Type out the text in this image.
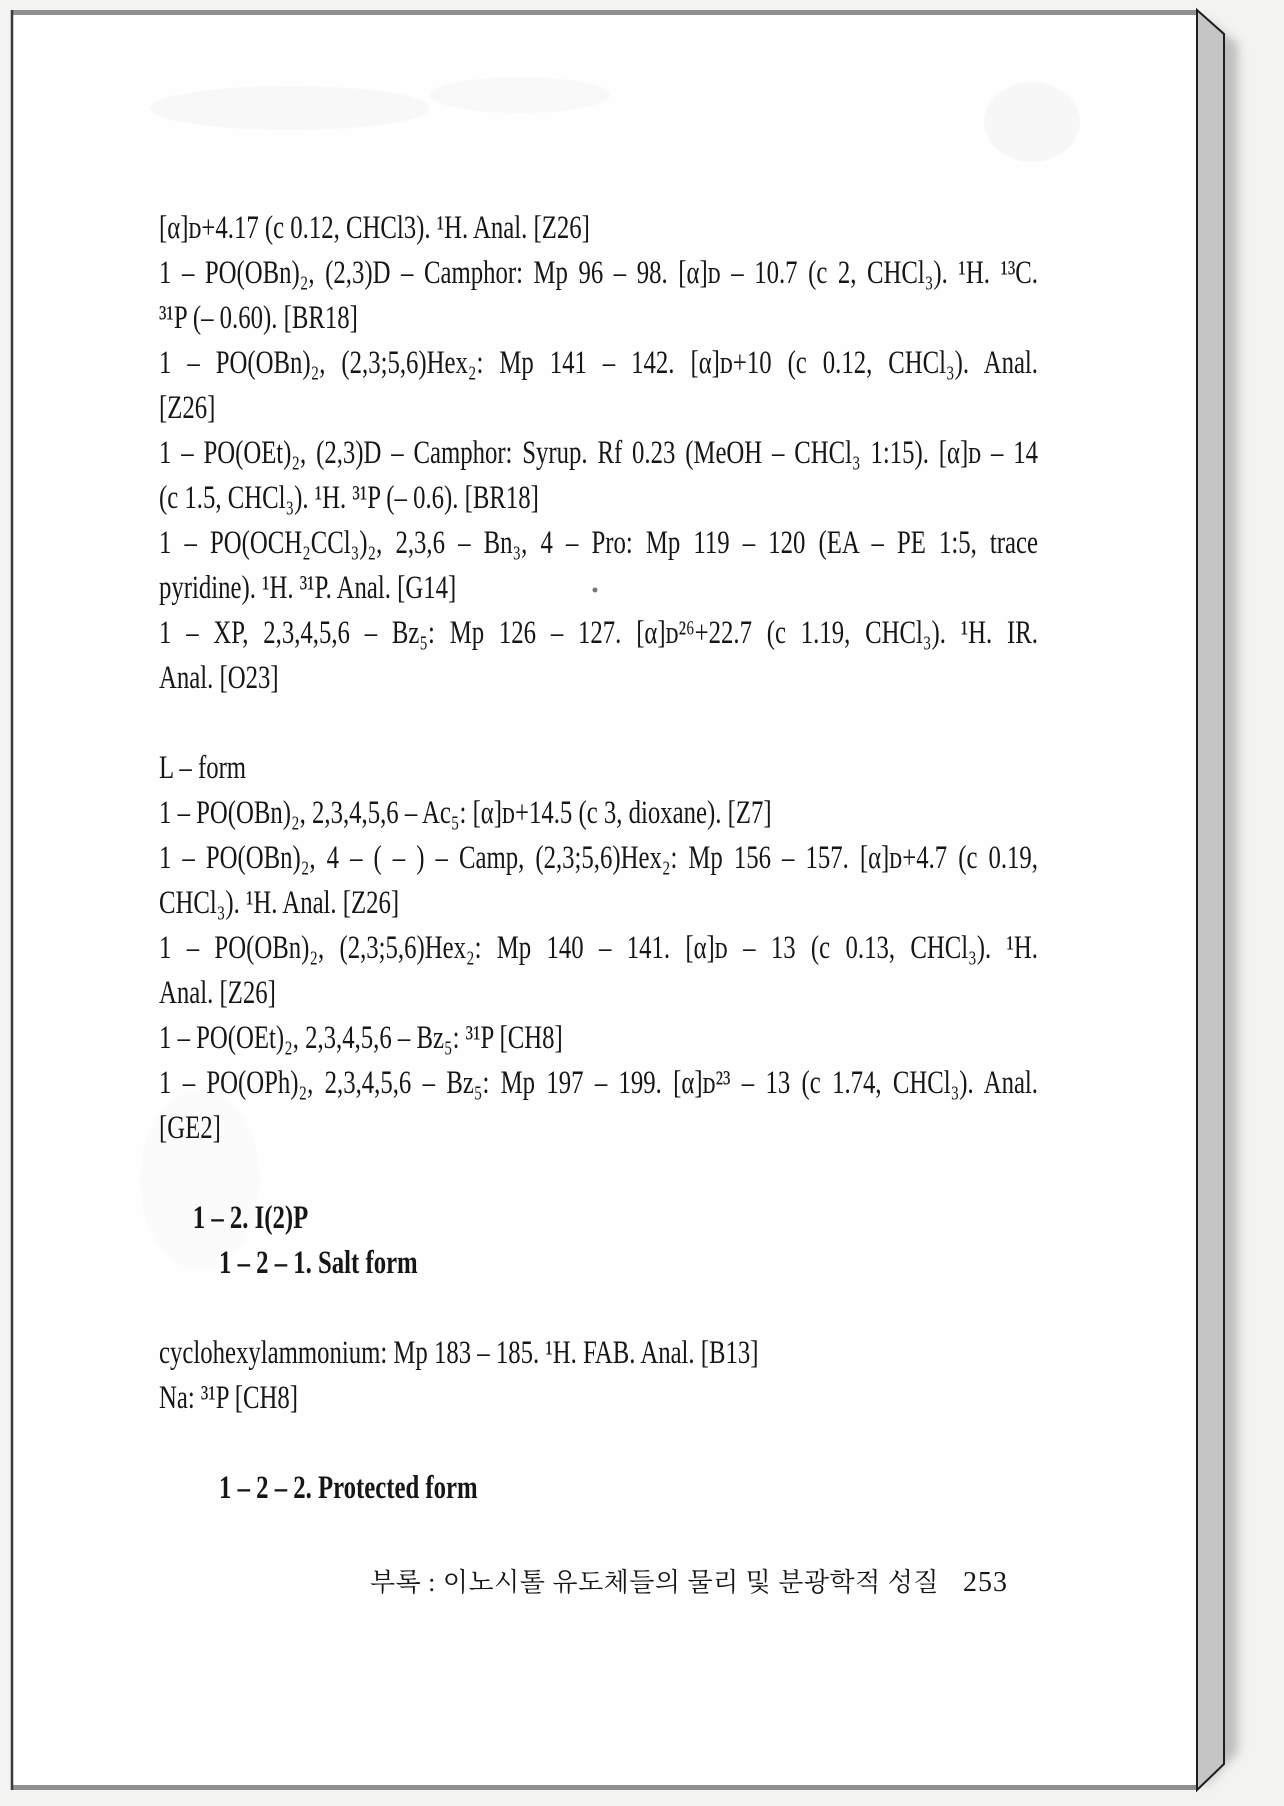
[α]ᴅ+4.17 (c 0.12, CHCl3). ¹H. Anal. [Z26]
1 – PO(OBn)₂, (2,3)D – Camphor: Mp 96 – 98. [α]ᴅ – 10.7 (c 2, CHCl₃). ¹H. ¹³C.
³¹P (– 0.60). [BR18]
1 – PO(OBn)₂, (2,3;5,6)Hex₂: Mp 141 – 142. [α]ᴅ+10 (c 0.12, CHCl₃). Anal.
[Z26]
1 – PO(OEt)₂, (2,3)D – Camphor: Syrup. Rf 0.23 (MeOH – CHCl₃ 1:15). [α]ᴅ – 14
(c 1.5, CHCl₃). ¹H. ³¹P (– 0.6). [BR18]
1 – PO(OCH₂CCl₃)₂, 2,3,6 – Bn₃, 4 – Pro: Mp 119 – 120 (EA – PE 1:5, trace
pyridine). ¹H. ³¹P. Anal. [G14]
1 – XP, 2,3,4,5,6 – Bz₅: Mp 126 – 127. [α]ᴅ²⁶+22.7 (c 1.19, CHCl₃). ¹H. IR.
Anal. [O23]
L – form
1 – PO(OBn)₂, 2,3,4,5,6 – Ac₅: [α]ᴅ+14.5 (c 3, dioxane). [Z7]
1 – PO(OBn)₂, 4 – ( – ) – Camp, (2,3;5,6)Hex₂: Mp 156 – 157. [α]ᴅ+4.7 (c 0.19,
CHCl₃). ¹H. Anal. [Z26]
1 – PO(OBn)₂, (2,3;5,6)Hex₂: Mp 140 – 141. [α]ᴅ – 13 (c 0.13, CHCl₃). ¹H.
Anal. [Z26]
1 – PO(OEt)₂, 2,3,4,5,6 – Bz₅: ³¹P [CH8]
1 – PO(OPh)₂, 2,3,4,5,6 – Bz₅: Mp 197 – 199. [α]ᴅ²³ – 13 (c 1.74, CHCl₃). Anal.
[GE2]
1 – 2. I(2)P
1 – 2 – 1. Salt form
cyclohexylammonium: Mp 183 – 185. ¹H. FAB. Anal. [B13]
Na: ³¹P [CH8]
1 – 2 – 2. Protected form
부록 : 이노시톨 유도체들의 물리 및 분광학적 성질 253
